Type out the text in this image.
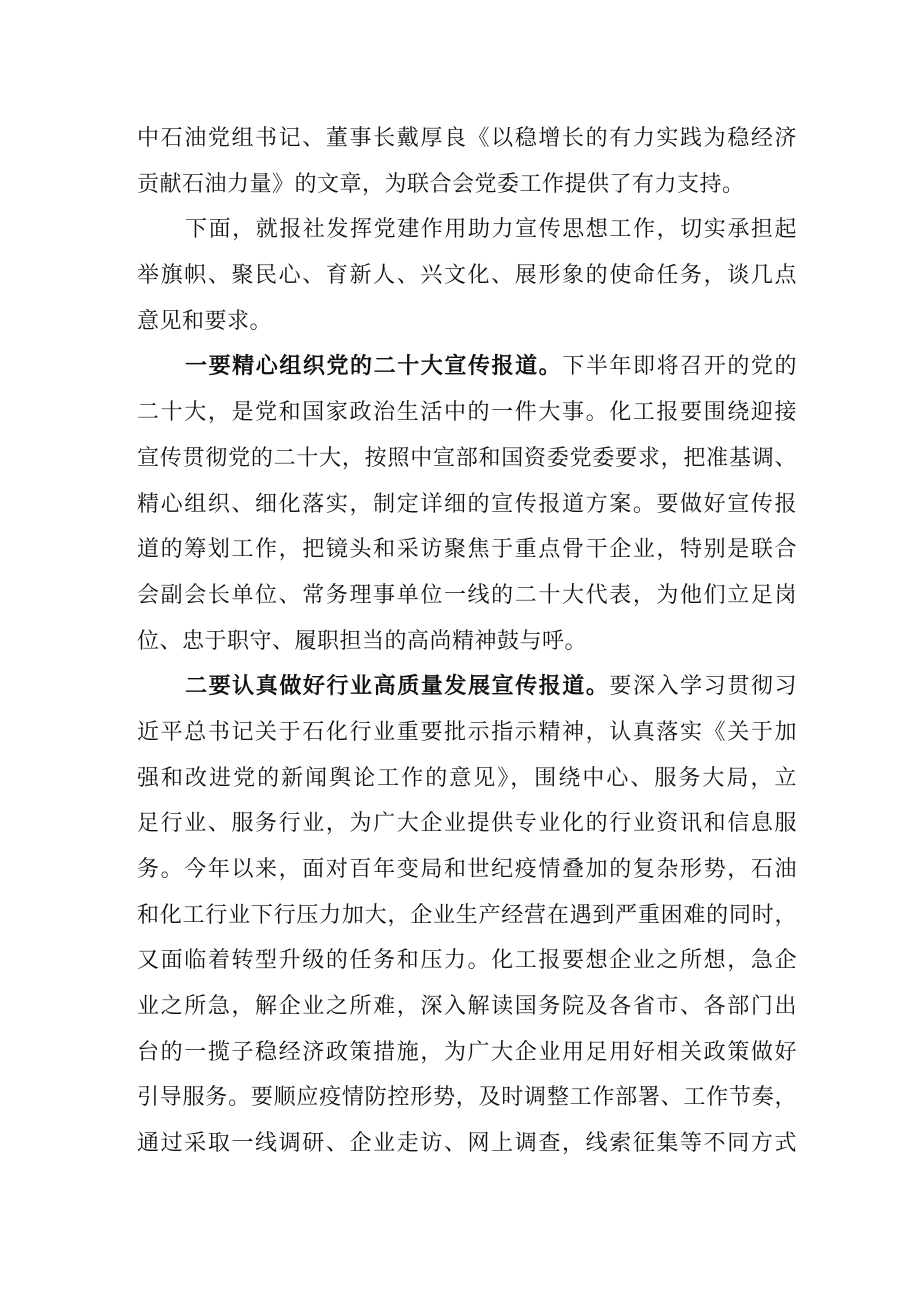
中石油党组书记、董事长戴厚良《以稳增长的有力实践为稳经济
贡献石油力量》的文章，为联合会党委工作提供了有力支持。
下面，就报社发挥党建作用助力宣传思想工作，切实承担起
举旗帜、聚民心、育新人、兴文化、展形象的使命任务，谈几点
意见和要求。
一要精心组织党的二十大宣传报道。下半年即将召开的党的
二十大，是党和国家政治生活中的一件大事。化工报要围绕迎接
宣传贯彻党的二十大，按照中宣部和国资委党委要求，把准基调、
精心组织、细化落实，制定详细的宣传报道方案。要做好宣传报
道的筹划工作，把镜头和采访聚焦于重点骨干企业，特别是联合
会副会长单位、常务理事单位一线的二十大代表，为他们立足岗
位、忠于职守、履职担当的高尚精神鼓与呼。
二要认真做好行业高质量发展宣传报道。要深入学习贯彻习
近平总书记关于石化行业重要批示指示精神，认真落实《关于加
强和改进党的新闻舆论工作的意见》，围绕中心、服务大局，立
足行业、服务行业，为广大企业提供专业化的行业资讯和信息服
务。今年以来，面对百年变局和世纪疫情叠加的复杂形势，石油
和化工行业下行压力加大，企业生产经营在遇到严重困难的同时，
又面临着转型升级的任务和压力。化工报要想企业之所想，急企
业之所急，解企业之所难，深入解读国务院及各省市、各部门出
台的一揽子稳经济政策措施，为广大企业用足用好相关政策做好
引导服务。要顺应疫情防控形势，及时调整工作部署、工作节奏，
通过采取一线调研、企业走访、网上调查，线索征集等不同方式
